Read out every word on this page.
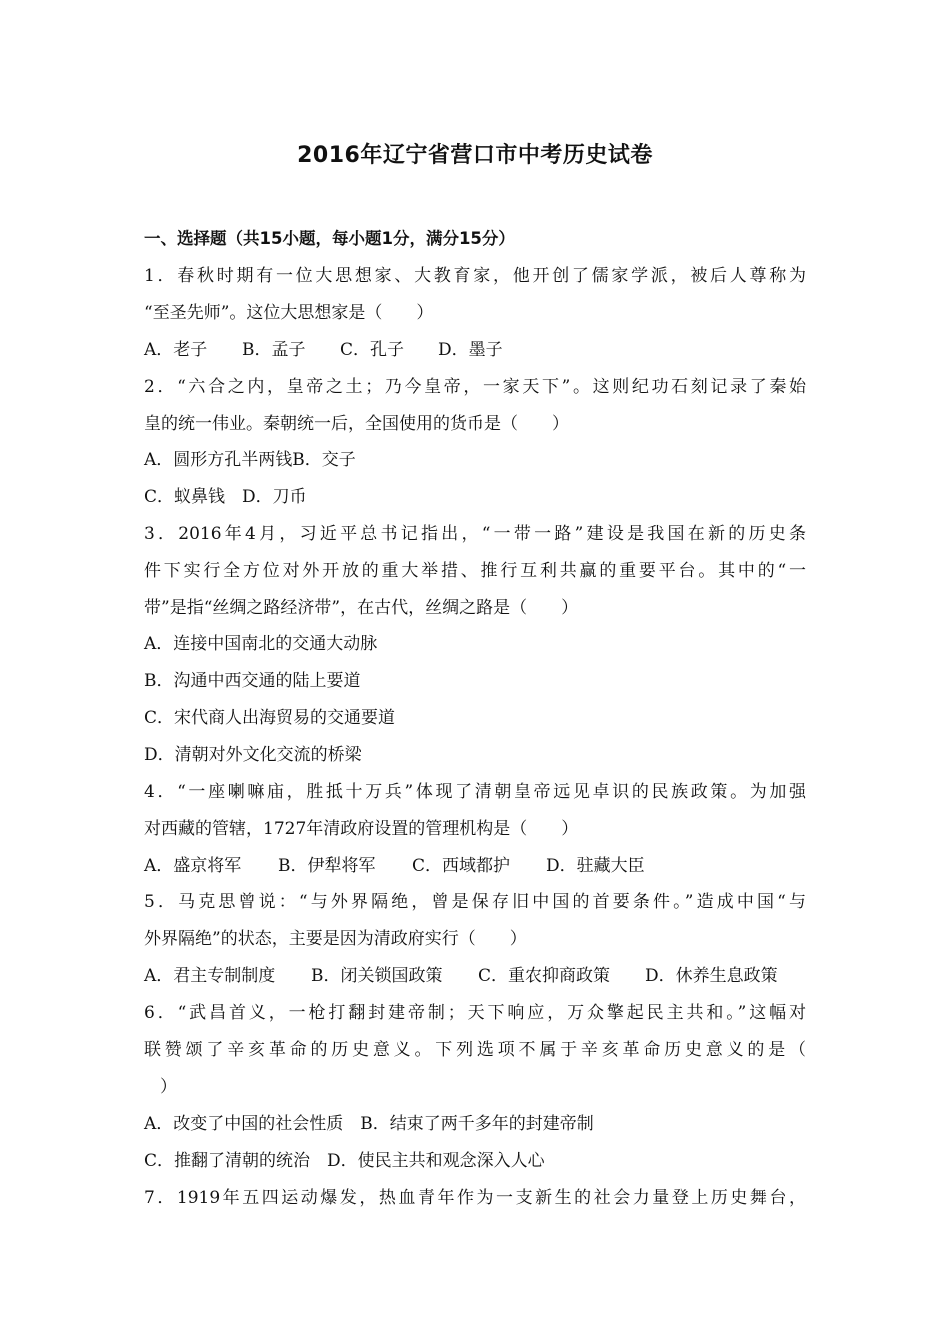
2016年辽宁省营口市中考历史试卷
一、选择题（共15小题，每小题1分，满分15分）
1．春秋时期有一位大思想家、大教育家，他开创了儒家学派，被后人尊称为
“至圣先师”。这位大思想家是（　　）
A．老子 B．孟子 C．孔子 D．墨子
2．“六合之内，皇帝之土；乃今皇帝，一家天下”。这则纪功石刻记录了秦始
皇的统一伟业。秦朝统一后，全国使用的货币是（　　）
A．圆形方孔半两钱B．交子
C．蚁鼻钱　D．刀币
3．2016年4月，习近平总书记指出，“一带一路”建设是我国在新的历史条
件下实行全方位对外开放的重大举措、推行互利共赢的重要平台。其中的“一
带”是指“丝绸之路经济带”，在古代，丝绸之路是（　　）
A．连接中国南北的交通大动脉
B．沟通中西交通的陆上要道
C．宋代商人出海贸易的交通要道
D．清朝对外文化交流的桥梁
4．“一座喇嘛庙，胜抵十万兵”体现了清朝皇帝远见卓识的民族政策。为加强
对西藏的管辖，1727年清政府设置的管理机构是（　　）
A．盛京将军 B．伊犁将军 C．西域都护 D．驻藏大臣
5．马克思曾说：“与外界隔绝，曾是保存旧中国的首要条件。”造成中国“与
外界隔绝”的状态，主要是因为清政府实行（　　）
A．君主专制制度 B．闭关锁国政策 C．重农抑商政策 D．休养生息政策
6．“武昌首义，一枪打翻封建帝制；天下响应，万众擎起民主共和。”这幅对
联赞颂了辛亥革命的历史意义。下列选项不属于辛亥革命历史意义的是（
）
A．改变了中国的社会性质　B．结束了两千多年的封建帝制
C．推翻了清朝的统治　D．使民主共和观念深入人心
7．1919年五四运动爆发，热血青年作为一支新生的社会力量登上历史舞台，
